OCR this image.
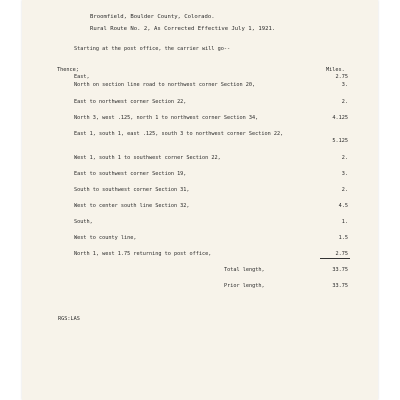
Broomfield, Boulder County, Colorado.
Rural Route No. 2, As Corrected Effective July 1, 1921.
Starting at the post office, the carrier will go--
Thence;	Miles.
East,	2.75
North on section line road to northwest corner Section 20,	3.
East to northwest corner Section 22,	2.
North 3, west .125, north 1 to northwest corner Section 34,	4.125
East 1, south 1, east .125, south 3 to northwest corner Section 22,
5.125
West 1, south 1 to southwest corner Section 22,	2.
East to southwest corner Section 19,	3.
South to southwest corner Section 31,	2.
West to center south line Section 32,	4.5
South,	1.
West to county line,	1.5
North 1, west 1.75 returning to post office,	2.75
Total length,	33.75
Prior length,	33.75
RGS:LAS
